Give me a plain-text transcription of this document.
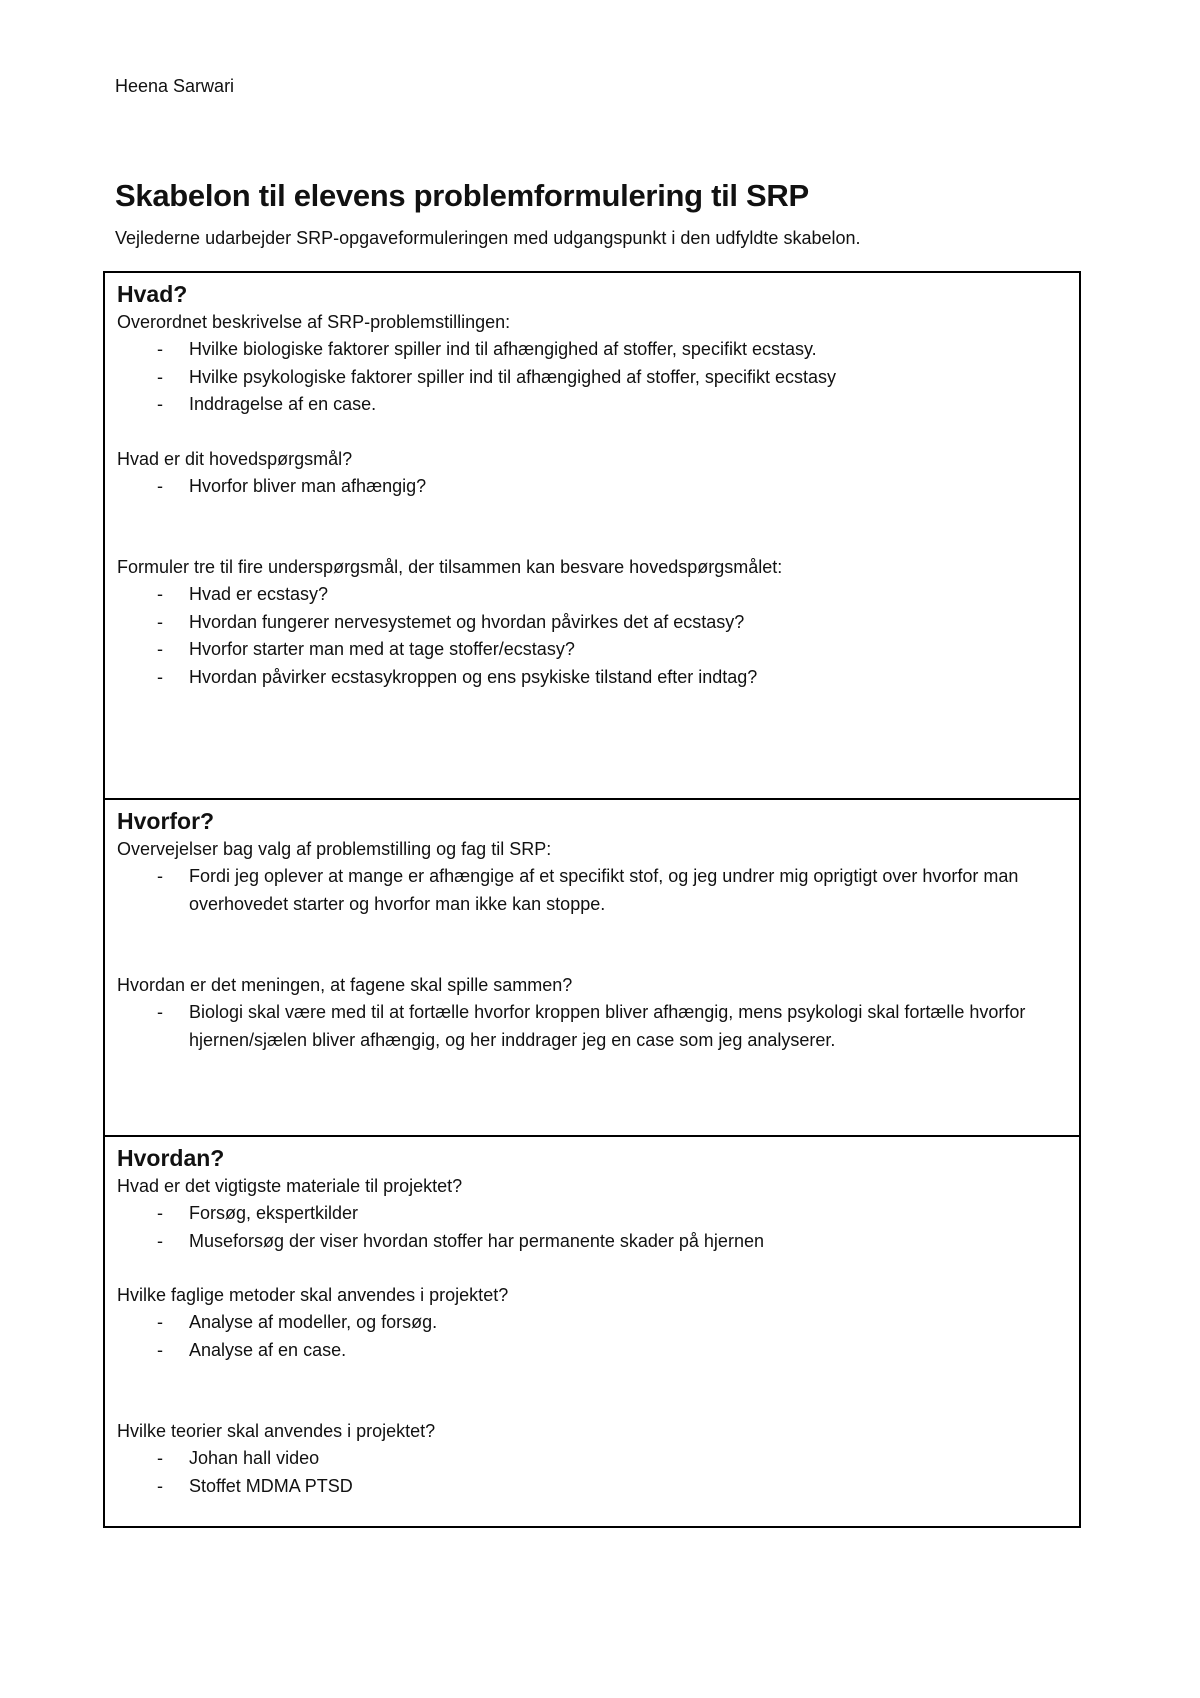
Heena Sarwari
Skabelon til elevens problemformulering til SRP
Vejlederne udarbejder SRP-opgaveformuleringen med udgangspunkt i den udfyldte skabelon.

Hvad?

Overordnet beskrivelse af SRP-problemstillingen:

- Hvilke biologiske faktorer spiller ind til afhængighed af stoffer, specifikt ecstasy.
- Hvilke psykologiske faktorer spiller ind til afhængighed af stoffer, specifikt ecstasy
- Inddragelse af en case.

Hvad er dit hovedspørgsmål?

- Hvorfor bliver man afhængig?

Formuler tre til fire underspørgsmål, der tilsammen kan besvare hovedspørgsmålet:

- Hvad er ecstasy?
- Hvordan fungerer nervesystemet og hvordan påvirkes det af ecstasy?
- Hvorfor starter man med at tage stoffer/ecstasy?
- Hvordan påvirker ecstasykroppen og ens psykiske tilstand efter indtag?

Hvorfor?

Overvejelser bag valg af problemstilling og fag til SRP:

- Fordi jeg oplever at mange er afhængige af et specifikt stof, og jeg undrer mig oprigtigt over hvorfor man overhovedet starter og hvorfor man ikke kan stoppe.

Hvordan er det meningen, at fagene skal spille sammen?

- Biologi skal være med til at fortælle hvorfor kroppen bliver afhængig, mens psykologi skal fortælle hvorfor hjernen/sjælen bliver afhængig, og her inddrager jeg en case som jeg analyserer.

Hvordan?

Hvad er det vigtigste materiale til projektet?

- Forsøg, ekspertkilder
- Museforsøg der viser hvordan stoffer har permanente skader på hjernen

Hvilke faglige metoder skal anvendes i projektet?

- Analyse af modeller, og forsøg.
- Analyse af en case.

Hvilke teorier skal anvendes i projektet?

- Johan hall video
- Stoffet MDMA PTSD
